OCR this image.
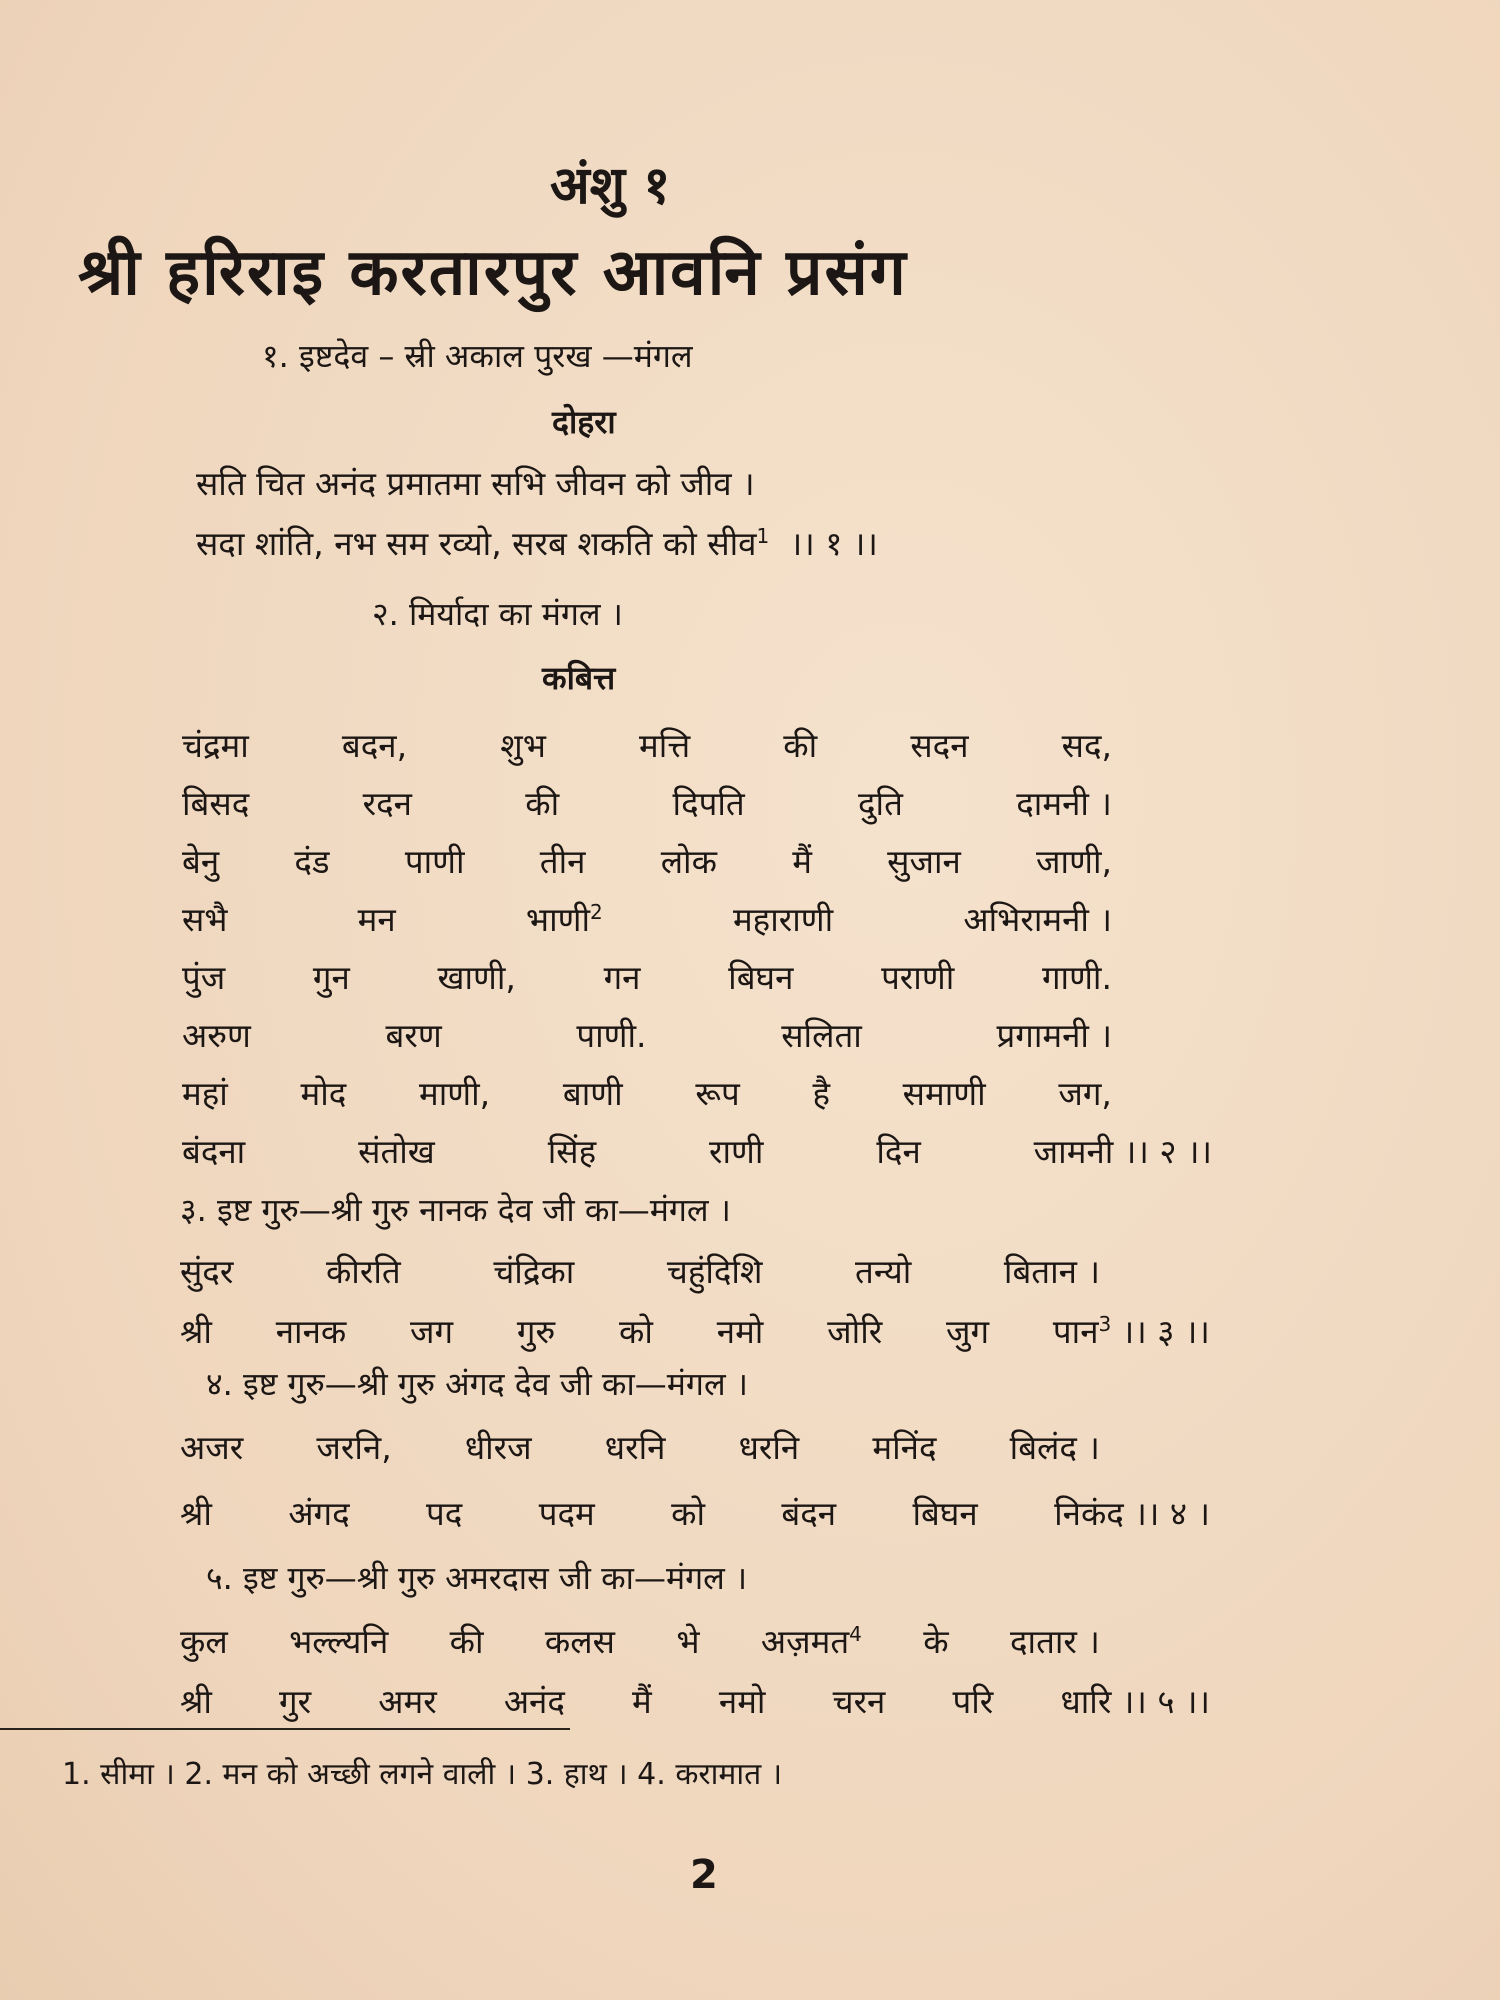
अंशु १
श्री हरिराइ करतारपुर आवनि प्रसंग
१. इष्टदेव – स्री अकाल पुरख —मंगल
दोहरा
सति चित अनंद प्रमातमा सभि जीवन को जीव ।
सदा शांति, नभ सम रव्यो, सरब शकति को सीव$^1$ ।। १ ।।
२. मिर्यादा का मंगल ।
कबित्त
चंद्रमा	बदन,	शुभ	मत्ति	की	सदन	सद,
बिसद	रदन	की	दिपति	दुति	दामनी ।
बेनु दंड पाणी तीन लोक मैं सुजान जाणी,
सभै	मन	भाणी$^2$	महाराणी	अभिरामनी ।
पुंज	गुन	खाणी,	गन	बिघन	पराणी	गाणी.
अरुण	बरण	पाणी.	सलिता	प्रगामनी ।
महां मोद माणी, बाणी रूप है समाणी जग,
बंदना	संतोख	सिंह	राणी	दिन	जामनी ।। २ ।।
३. इष्ट गुरु—श्री गुरु नानक देव जी का—मंगल ।
सुंदर	कीरति	चंद्रिका	चहुंदिशि	तन्यो	बितान ।
श्री नानक जग गुरु को नमो जोरि जुग पान$^3$ ।। ३ ।।
४. इष्ट गुरु—श्री गुरु अंगद देव जी का—मंगल ।
अजर जरनि, धीरज धरनि धरनि मनिंद बिलंद ।
श्री अंगद पद पदम को बंदन बिघन निकंद ।। ४ ।
५. इष्ट गुरु—श्री गुरु अमरदास जी का—मंगल ।
कुल भल्ल्यनि की कलस भे अज़मत$^4$ के दातार ।
श्री गुर अमर अनंद मैं नमो चरन परि धारि ।। ५ ।।
1. सीमा । 2. मन को अच्छी लगने वाली । 3. हाथ । 4. करामात ।
2
